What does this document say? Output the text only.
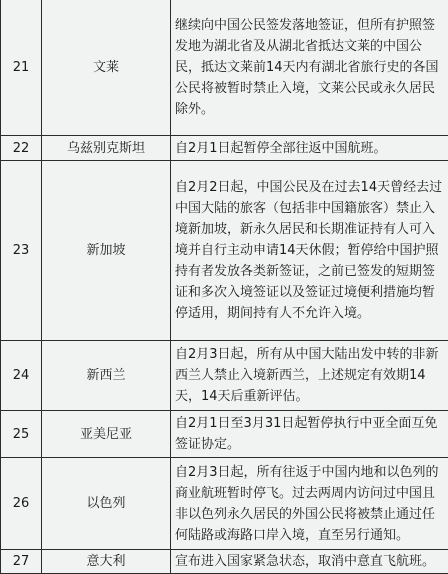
21	文莱	继续向中国公民签发落地签证，但所有护照签发地为湖北省及从湖北省抵达文莱的中国公民，抵达文莱前14天内有湖北省旅行史的各国公民将被暂时禁止入境，文莱公民或永久居民除外。
22	乌兹别克斯坦	自2月1日起暂停全部往返中国航班。
23	新加坡	自2月2日起，中国公民及在过去14天曾经去过中国大陆的旅客（包括非中国籍旅客）禁止入境新加坡，新永久居民和长期准证持有人可入境并自行主动申请14天休假；暂停给中国护照持有者发放各类新签证，之前已签发的短期签证和多次入境签证以及签证过境便利措施均暂停适用，期间持有人不允许入境。
24	新西兰	自2月3日起，所有从中国大陆出发中转的非新西兰人禁止入境新西兰，上述规定有效期14天，14天后重新评估。
25	亚美尼亚	自2月1日至3月31日起暂停执行中亚全面互免签证协定。
26	以色列	自2月3日起，所有往返于中国内地和以色列的商业航班暂时停飞。过去两周内访问过中国且非以色列永久居民的外国公民将被禁止通过任何陆路或海路口岸入境，直至另行通知。
27	意大利	宣布进入国家紧急状态，取消中意直飞航班。
